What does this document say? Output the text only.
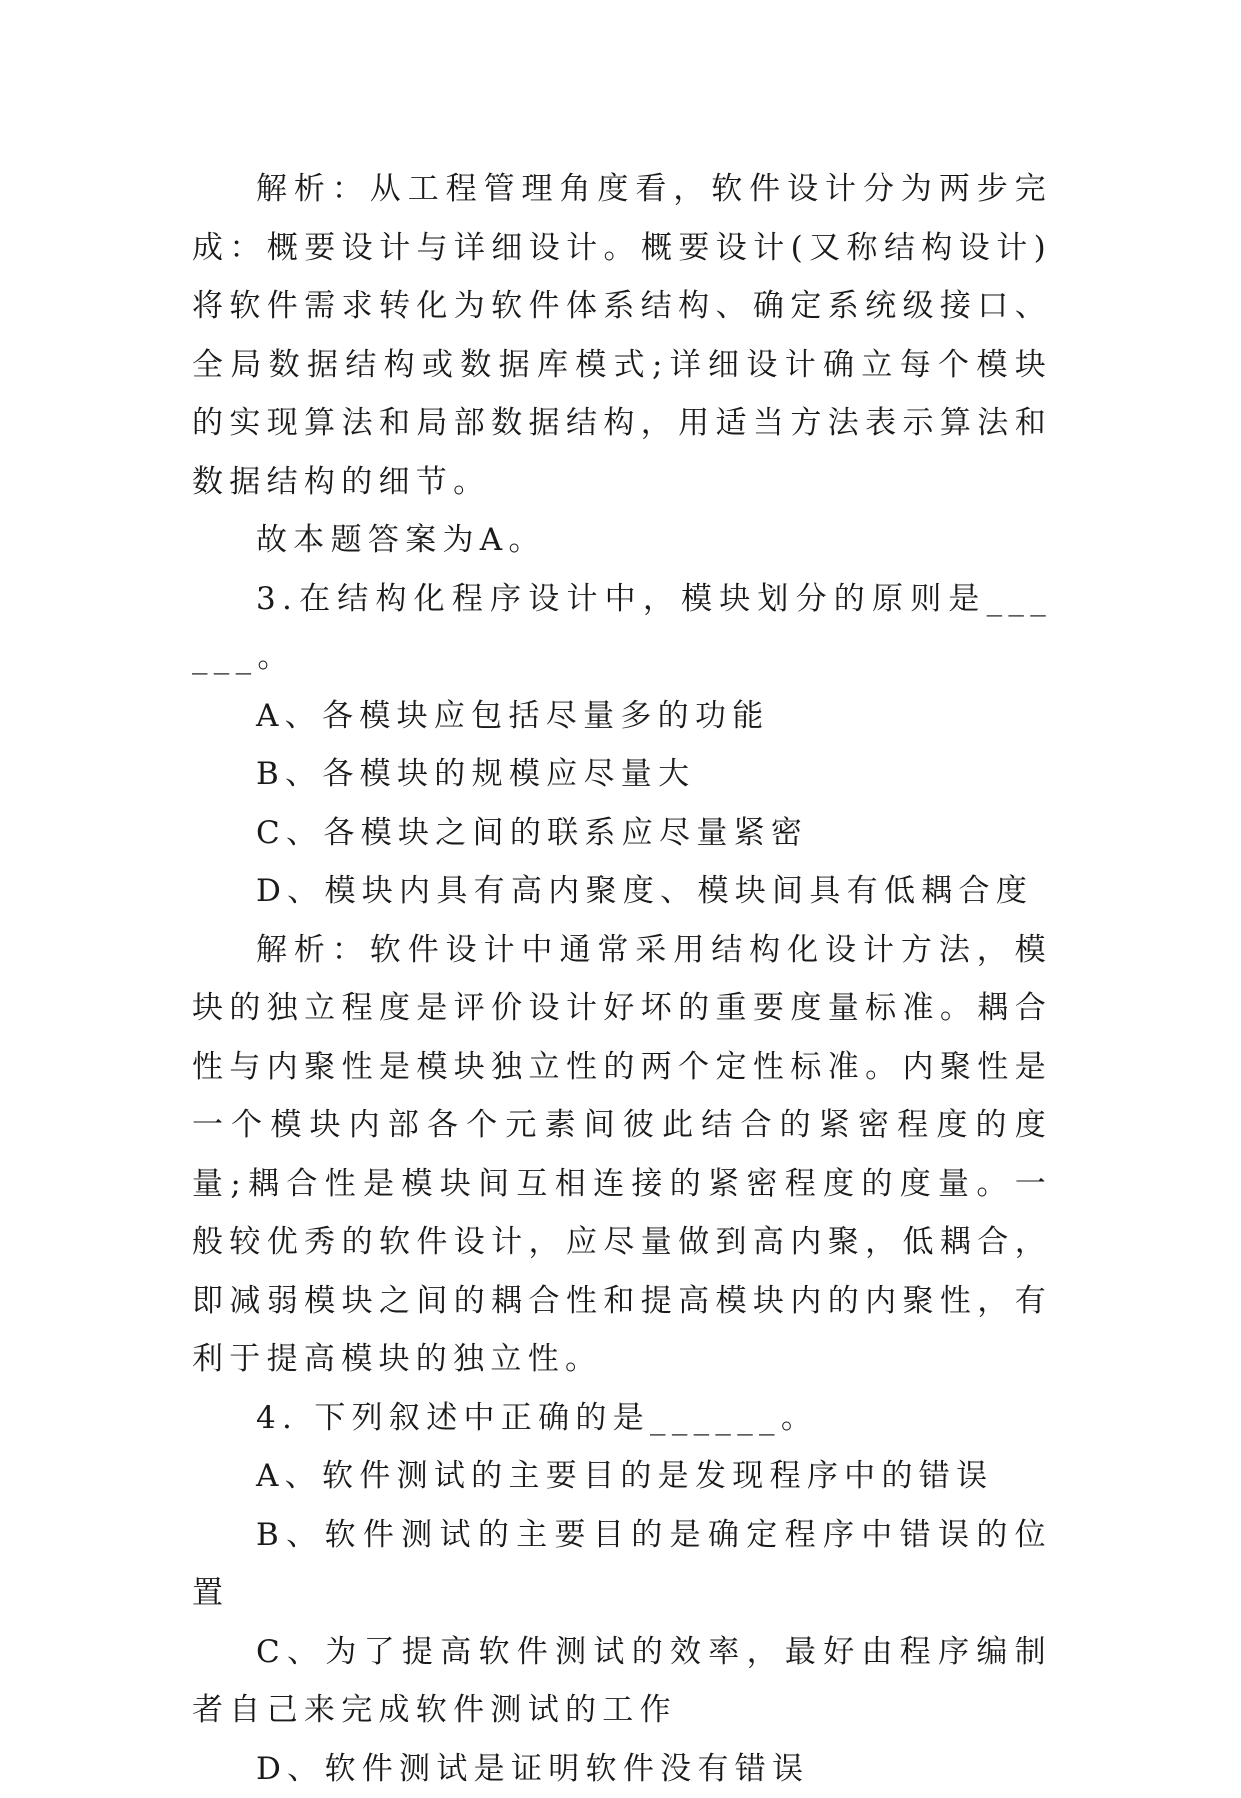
解析：从工程管理角度看，软件设计分为两步完成：概要设计与详细设计。概要设计(又称结构设计)将软件需求转化为软件体系结构、确定系统级接口、全局数据结构或数据库模式;详细设计确立每个模块的实现算法和局部数据结构，用适当方法表示算法和数据结构的细节。

故本题答案为A。

3.在结构化程序设计中，模块划分的原则是______。

A、各模块应包括尽量多的功能

B、各模块的规模应尽量大

C、各模块之间的联系应尽量紧密

D、模块内具有高内聚度、模块间具有低耦合度

解析：软件设计中通常采用结构化设计方法，模块的独立程度是评价设计好坏的重要度量标准。耦合性与内聚性是模块独立性的两个定性标准。内聚性是一个模块内部各个元素间彼此结合的紧密程度的度量;耦合性是模块间互相连接的紧密程度的度量。一般较优秀的软件设计，应尽量做到高内聚，低耦合，即减弱模块之间的耦合性和提高模块内的内聚性，有利于提高模块的独立性。

4. 下列叙述中正确的是______。

A、软件测试的主要目的是发现程序中的错误

B、软件测试的主要目的是确定程序中错误的位置

C、为了提高软件测试的效率，最好由程序编制者自己来完成软件测试的工作

D、软件测试是证明软件没有错误
